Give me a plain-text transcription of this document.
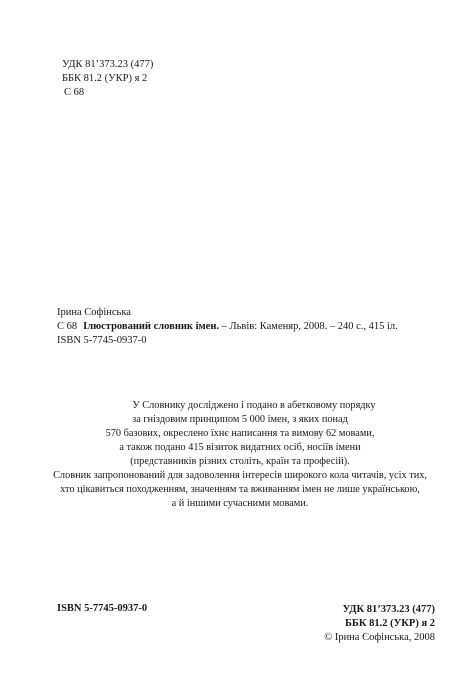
УДК 81’373.23 (477)
ББК 81.2 (УКР) я 2
С 68
Ірина Софінська
С 68 Ілюстрований словник імен. – Львів: Каменяр, 2008. – 240 с., 415 іл.
ISBN 5-7745-0937-0
У Словнику досліджено і подано в абетковому порядку
за гніздовим принципом 5 000 імен, з яких понад
570 базових, окреслено їхнє написання та вимову 62 мовами,
а також подано 415 візиток видатних осіб, носіїв імени
(представників різних століть, країн та професій).
Словник запропонований для задоволення інтересів широкого кола читачів, усіх тих,
хто цікавиться походженням, значенням та вживанням імен не лише українською,
а й іншими сучасними мовами.
ISBN 5-7745-0937-0	УДК 81’373.23 (477)
ББК 81.2 (УКР) я 2
© Ірина Софінська, 2008
